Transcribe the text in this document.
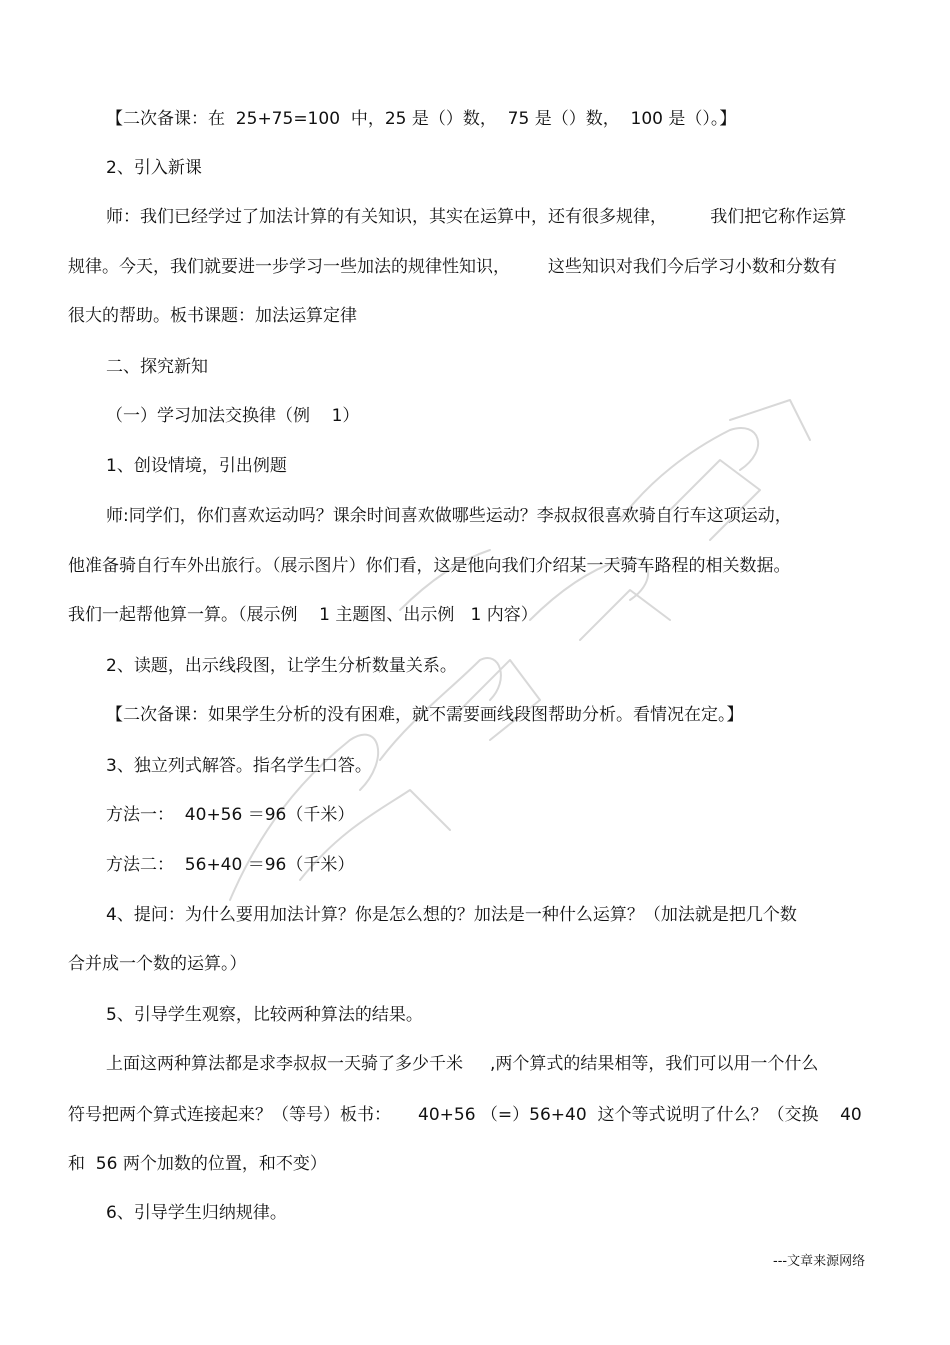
【二次备课：在  25+75=100  中，25 是（）数，  75 是（）数，  100 是（）。】

2、引入新课

师：我们已经学过了加法计算的有关知识，其实在运算中，还有很多规律，        我们把它称作运算

规律。今天，我们就要进一步学习一些加法的规律性知识，       这些知识对我们今后学习小数和分数有

很大的帮助。板书课题：加法运算定律

二、探究新知

（一）学习加法交换律（例    1）

1、创设情境，引出例题

师:同学们，你们喜欢运动吗？课余时间喜欢做哪些运动？李叔叔很喜欢骑自行车这项运动，

他准备骑自行车外出旅行。（展示图片）你们看，这是他向我们介绍某一天骑车路程的相关数据。

我们一起帮他算一算。（展示例    1 主题图、出示例   1 内容）

2、读题，出示线段图，让学生分析数量关系。

【二次备课：如果学生分析的没有困难，就不需要画线段图帮助分析。看情况在定。】

3、独立列式解答。指名学生口答。

方法一：  40+56 ＝96（千米）

方法二：  56+40 ＝96（千米）

4、提问：为什么要用加法计算？你是怎么想的？加法是一种什么运算？（加法就是把几个数

合并成一个数的运算。）

5、引导学生观察，比较两种算法的结果。

上面这两种算法都是求李叔叔一天骑了多少千米     ,两个算式的结果相等，我们可以用一个什么

符号把两个算式连接起来？（等号）板书：     40+56 （=）56+40  这个等式说明了什么？（交换    40

和  56 两个加数的位置，和不变）

6、引导学生归纳规律。

---文章来源网络
